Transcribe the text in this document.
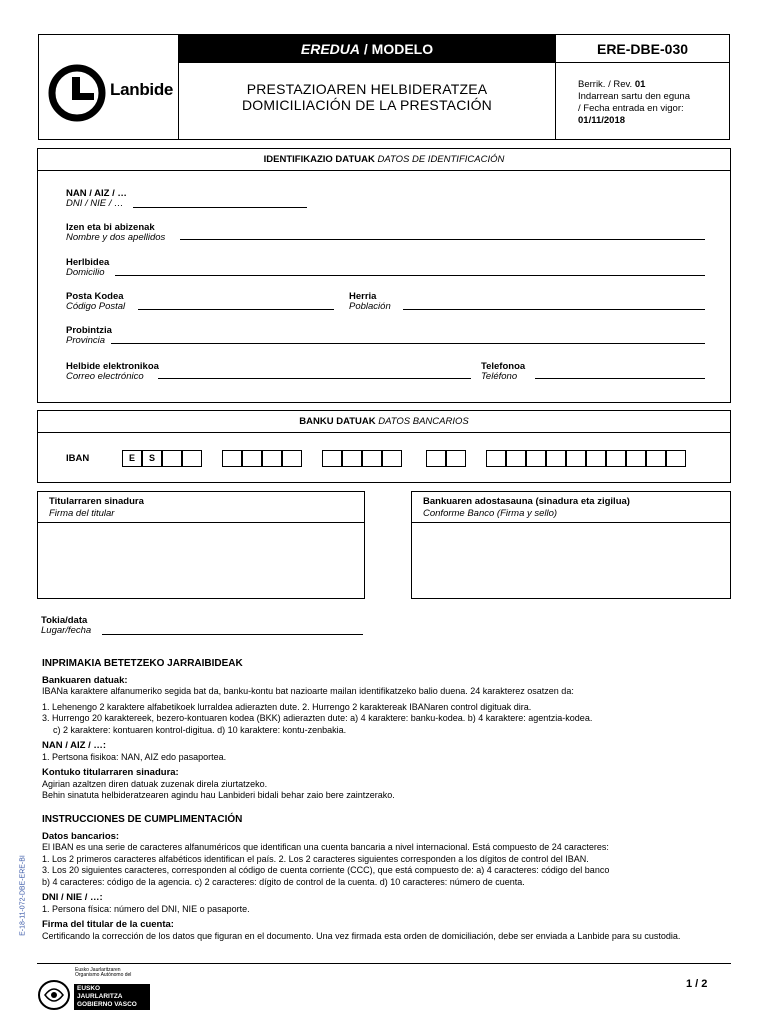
Lanbide
EREDUA / MODELO
PRESTAZIOAREN HELBIDERATZEA
DOMICILIACIÓN DE LA PRESTACIÓN
ERE-DBE-030
Berrik. / Rev. 01
Indarrean sartu den eguna
/ Fecha entrada en vigor:
01/11/2018
IDENTIFIKAZIO DATUAK DATOS DE IDENTIFICACIÓN
NAN / AIZ / …
DNI / NIE / …
Izen eta bi abizenak
Nombre y dos apellidos
Herlbidea
Domicilio
Posta Kodea
Código Postal
Herria
Población
Probintzia
Provincia
Helbide elektronikoa
Correo electrónico
Telefonoa
Teléfono
BANKU DATUAK DATOS BANCARIOS
IBAN	E	S
Titularraren sinadura
Firma del titular
Bankuaren adostasauna (sinadura eta zigilua)
Conforme Banco (Firma y sello)
Tokia/data
Lugar/fecha
INPRIMAKIA BETETZEKO JARRAIBIDEAK
Bankuaren datuak:
IBANa karaktere alfanumeriko segida bat da, banku-kontu bat nazioarte mailan identifikatzeko balio duena. 24 karakterez osatzen da:
1. Lehenengo 2 karaktere alfabetikoek lurraldea adierazten dute. 2. Hurrengo 2 karaktereak IBANaren control digituak dira.
3. Hurrengo 20 karaktereek, bezero-kontuaren kodea (BKK) adierazten dute: a) 4 karaktere: banku-kodea. b) 4 karaktere: agentzia-kodea.
c) 2 karaktere: kontuaren kontrol-digitua. d) 10 karaktere: kontu-zenbakia.
NAN / AIZ / …:
1. Pertsona fisikoa: NAN, AIZ edo pasaportea.
Kontuko titularraren sinadura:
Agirian azaltzen diren datuak zuzenak direla ziurtatzeko.
Behin sinatuta helbideratzearen agindu hau Lanbideri bidali behar zaio bere zaintzerako.
INSTRUCCIONES DE CUMPLIMENTACIÓN
Datos bancarios:
El IBAN es una serie de caracteres alfanuméricos que identifican una cuenta bancaria a nivel internacional. Está compuesto de 24 caracteres:
1. Los 2 primeros caracteres alfabéticos identifican el país. 2. Los 2 caracteres siguientes corresponden a los dígitos de control del IBAN.
3. Los 20 siguientes caracteres, corresponden al código de cuenta corriente (CCC), que está compuesto de: a) 4 caracteres: código del banco
b) 4 caracteres: código de la agencia. c) 2 caracteres: dígito de control de la cuenta. d) 10 caracteres: número de cuenta.
DNI / NIE / …:
1. Persona física: número del DNI, NIE o pasaporte.
Firma del titular de la cuenta:
Certificando la corrección de los datos que figuran en el documento. Una vez firmada esta orden de domiciliación, debe ser enviada a Lanbide para su custodia.
E-18-11-072-DBE-ERE-BI
Eusko Jaurlaritzaren
Organismo Autónomo del
EUSKO JAURLARITZA
GOBIERNO VASCO
1 / 2
